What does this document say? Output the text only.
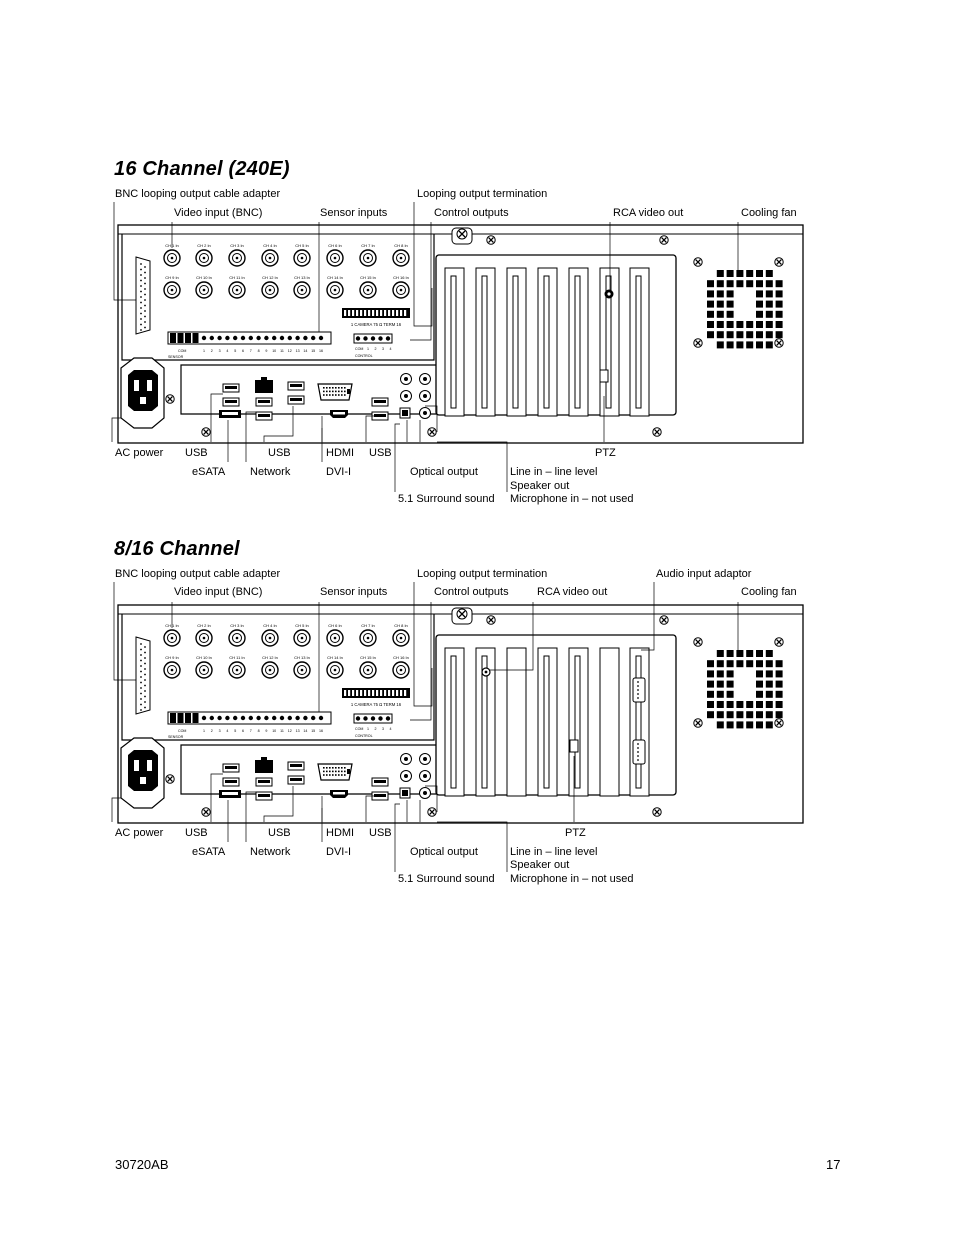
16 Channel (240E)
BNC looping output cable adapter	Looping output termination
Video input (BNC)	Sensor inputs	Control outputs	RCA video out	Cooling fan
AC power USB	USB	HDMI USB	PTZ
eSATA Network	DVI-I	Optical output	Line in – line level
Speaker out
5.1 Surround sound Microphone in – not used
CH 1 In	CH 2 In	CH 3 In	CH 4 In	CH 5 In	CH 6 In	CH 7 In	CH 8 In
CH 9 In	CH 10 In	CH 11 In	CH 12 In	CH 13 In	CH 14 In	CH 15 In	CH 16 In
1 CAMERA 75 Ω TERM 16
COM 1 2 3 4
CONTROL
COM	1 2 3 4 5 6 7 8 9 10 11 12 13 14 15 16
SENSOR
8/16 Channel
BNC looping output cable adapter	Looping output termination	Audio input adaptor
Video input (BNC)	Sensor inputs	Control outputs	RCA video out	Cooling fan
AC power USB	USB	HDMI USB	PTZ
eSATA Network	DVI-I	Optical output	Line in – line level
Speaker out
5.1 Surround sound Microphone in – not used
CH 1 In	CH 2 In	CH 3 In	CH 4 In	CH 5 In	CH 6 In	CH 7 In	CH 8 In
CH 9 In	CH 10 In	CH 11 In	CH 12 In	CH 13 In	CH 14 In	CH 15 In	CH 16 In
1 CAMERA 75 Ω TERM 16
COM 1 2 3 4
CONTROL
COM	1 2 3 4 5 6 7 8 9 10 11 12 13 14 15 16
SENSOR
30720AB	17
